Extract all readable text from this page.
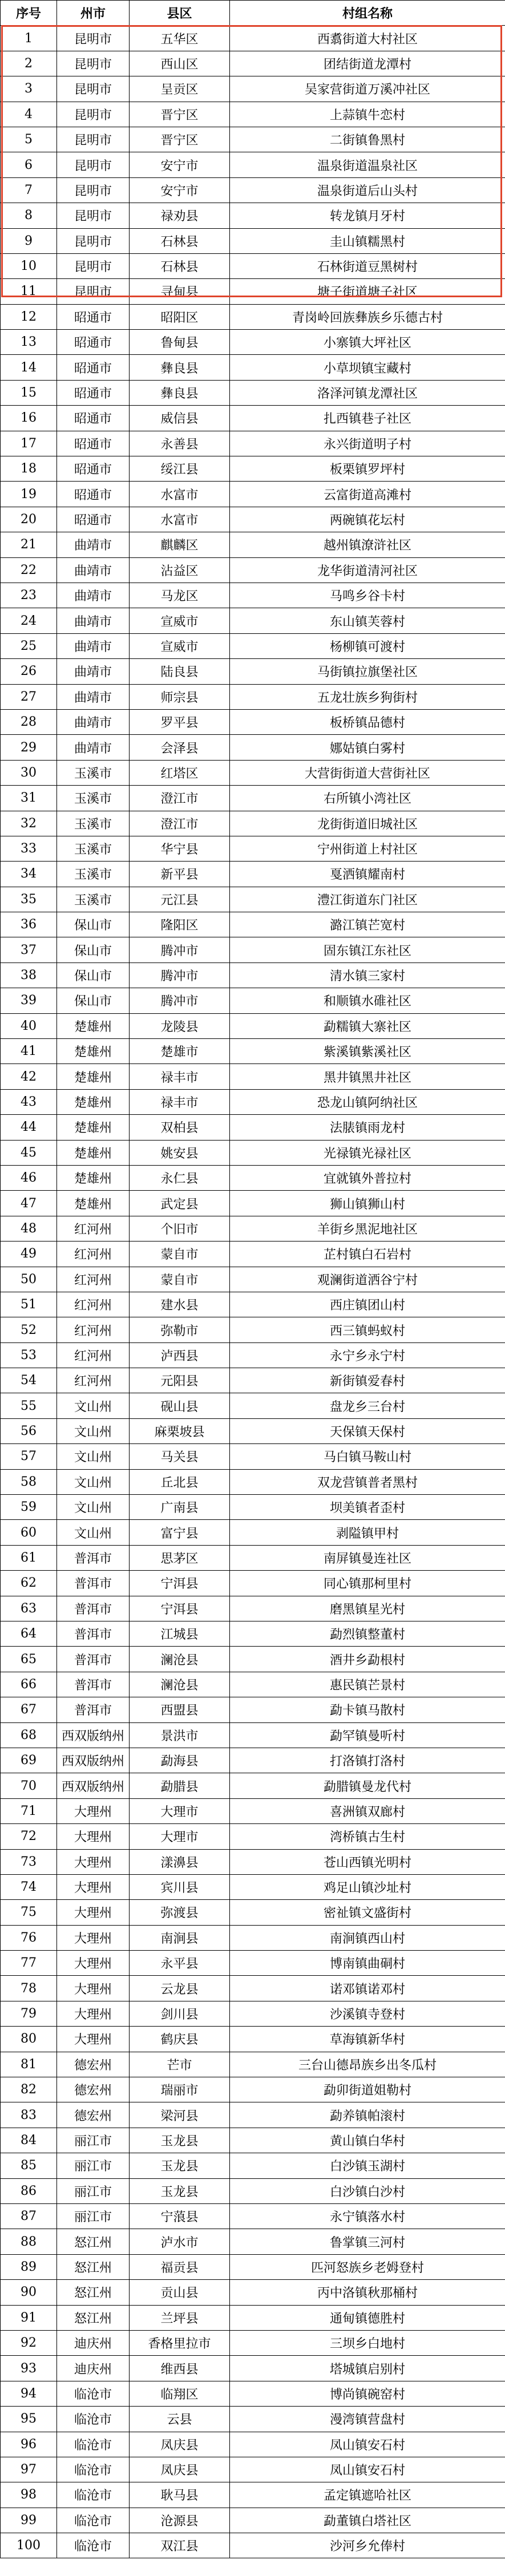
序号	州市	县区	村组名称
1	昆明市	五华区	西翥街道大村社区
2	昆明市	西山区	团结街道龙潭村
3	昆明市	呈贡区	吴家营街道万溪冲社区
4	昆明市	晋宁区	上蒜镇牛恋村
5	昆明市	晋宁区	二街镇鲁黑村
6	昆明市	安宁市	温泉街道温泉社区
7	昆明市	安宁市	温泉街道后山头村
8	昆明市	禄劝县	转龙镇月牙村
9	昆明市	石林县	圭山镇糯黑村
10	昆明市	石林县	石林街道豆黑树村
11	昆明市	寻甸县	塘子街道塘子社区
12	昭通市	昭阳区	青岗岭回族彝族乡乐德古村
13	昭通市	鲁甸县	小寨镇大坪社区
14	昭通市	彝良县	小草坝镇宝藏村
15	昭通市	彝良县	洛泽河镇龙潭社区
16	昭通市	威信县	扎西镇巷子社区
17	昭通市	永善县	永兴街道明子村
18	昭通市	绥江县	板栗镇罗坪村
19	昭通市	水富市	云富街道高滩村
20	昭通市	水富市	两碗镇花坛村
21	曲靖市	麒麟区	越州镇潦浒社区
22	曲靖市	沾益区	龙华街道清河社区
23	曲靖市	马龙区	马鸣乡谷卡村
24	曲靖市	宣威市	东山镇芙蓉村
25	曲靖市	宣威市	杨柳镇可渡村
26	曲靖市	陆良县	马街镇拉旗堡社区
27	曲靖市	师宗县	五龙壮族乡狗街村
28	曲靖市	罗平县	板桥镇品德村
29	曲靖市	会泽县	娜姑镇白雾村
30	玉溪市	红塔区	大营街街道大营街社区
31	玉溪市	澄江市	右所镇小湾社区
32	玉溪市	澄江市	龙街街道旧城社区
33	玉溪市	华宁县	宁州街道上村社区
34	玉溪市	新平县	戛洒镇耀南村
35	玉溪市	元江县	澧江街道东门社区
36	保山市	隆阳区	潞江镇芒宽村
37	保山市	腾冲市	固东镇江东社区
38	保山市	腾冲市	清水镇三家村
39	保山市	腾冲市	和顺镇水碓社区
40	楚雄州	龙陵县	勐糯镇大寨社区
41	楚雄州	楚雄市	紫溪镇紫溪社区
42	楚雄州	禄丰市	黑井镇黑井社区
43	楚雄州	禄丰市	恐龙山镇阿纳社区
44	楚雄州	双柏县	法脿镇雨龙村
45	楚雄州	姚安县	光禄镇光禄社区
46	楚雄州	永仁县	宜就镇外普拉村
47	楚雄州	武定县	狮山镇狮山村
48	红河州	个旧市	羊街乡黑泥地社区
49	红河州	蒙自市	芷村镇白石岩村
50	红河州	蒙自市	观澜街道洒谷宁村
51	红河州	建水县	西庄镇团山村
52	红河州	弥勒市	西三镇蚂蚁村
53	红河州	泸西县	永宁乡永宁村
54	红河州	元阳县	新街镇爱春村
55	文山州	砚山县	盘龙乡三台村
56	文山州	麻栗坡县	天保镇天保村
57	文山州	马关县	马白镇马鞍山村
58	文山州	丘北县	双龙营镇普者黑村
59	文山州	广南县	坝美镇者歪村
60	文山州	富宁县	剥隘镇甲村
61	普洱市	思茅区	南屏镇曼连社区
62	普洱市	宁洱县	同心镇那柯里村
63	普洱市	宁洱县	磨黑镇星光村
64	普洱市	江城县	勐烈镇整董村
65	普洱市	澜沧县	酒井乡勐根村
66	普洱市	澜沧县	惠民镇芒景村
67	普洱市	西盟县	勐卡镇马散村
68	西双版纳州	景洪市	勐罕镇曼听村
69	西双版纳州	勐海县	打洛镇打洛村
70	西双版纳州	勐腊县	勐腊镇曼龙代村
71	大理州	大理市	喜洲镇双廊村
72	大理州	大理市	湾桥镇古生村
73	大理州	漾濞县	苍山西镇光明村
74	大理州	宾川县	鸡足山镇沙址村
75	大理州	弥渡县	密祉镇文盛街村
76	大理州	南涧县	南涧镇西山村
77	大理州	永平县	博南镇曲硐村
78	大理州	云龙县	诺邓镇诺邓村
79	大理州	剑川县	沙溪镇寺登村
80	大理州	鹤庆县	草海镇新华村
81	德宏州	芒市	三台山德昂族乡出冬瓜村
82	德宏州	瑞丽市	勐卯街道姐勒村
83	德宏州	梁河县	勐养镇帕滚村
84	丽江市	玉龙县	黄山镇白华村
85	丽江市	玉龙县	白沙镇玉湖村
86	丽江市	玉龙县	白沙镇白沙村
87	丽江市	宁蒗县	永宁镇落水村
88	怒江州	泸水市	鲁掌镇三河村
89	怒江州	福贡县	匹河怒族乡老姆登村
90	怒江州	贡山县	丙中洛镇秋那桶村
91	怒江州	兰坪县	通甸镇德胜村
92	迪庆州	香格里拉市	三坝乡白地村
93	迪庆州	维西县	塔城镇启别村
94	临沧市	临翔区	博尚镇碗窑村
95	临沧市	云县	漫湾镇营盘村
96	临沧市	凤庆县	凤山镇安石村
97	临沧市	凤庆县	凤山镇安石村
98	临沧市	耿马县	孟定镇遮哈社区
99	临沧市	沧源县	勐董镇白塔社区
100	临沧市	双江县	沙河乡允俸村
